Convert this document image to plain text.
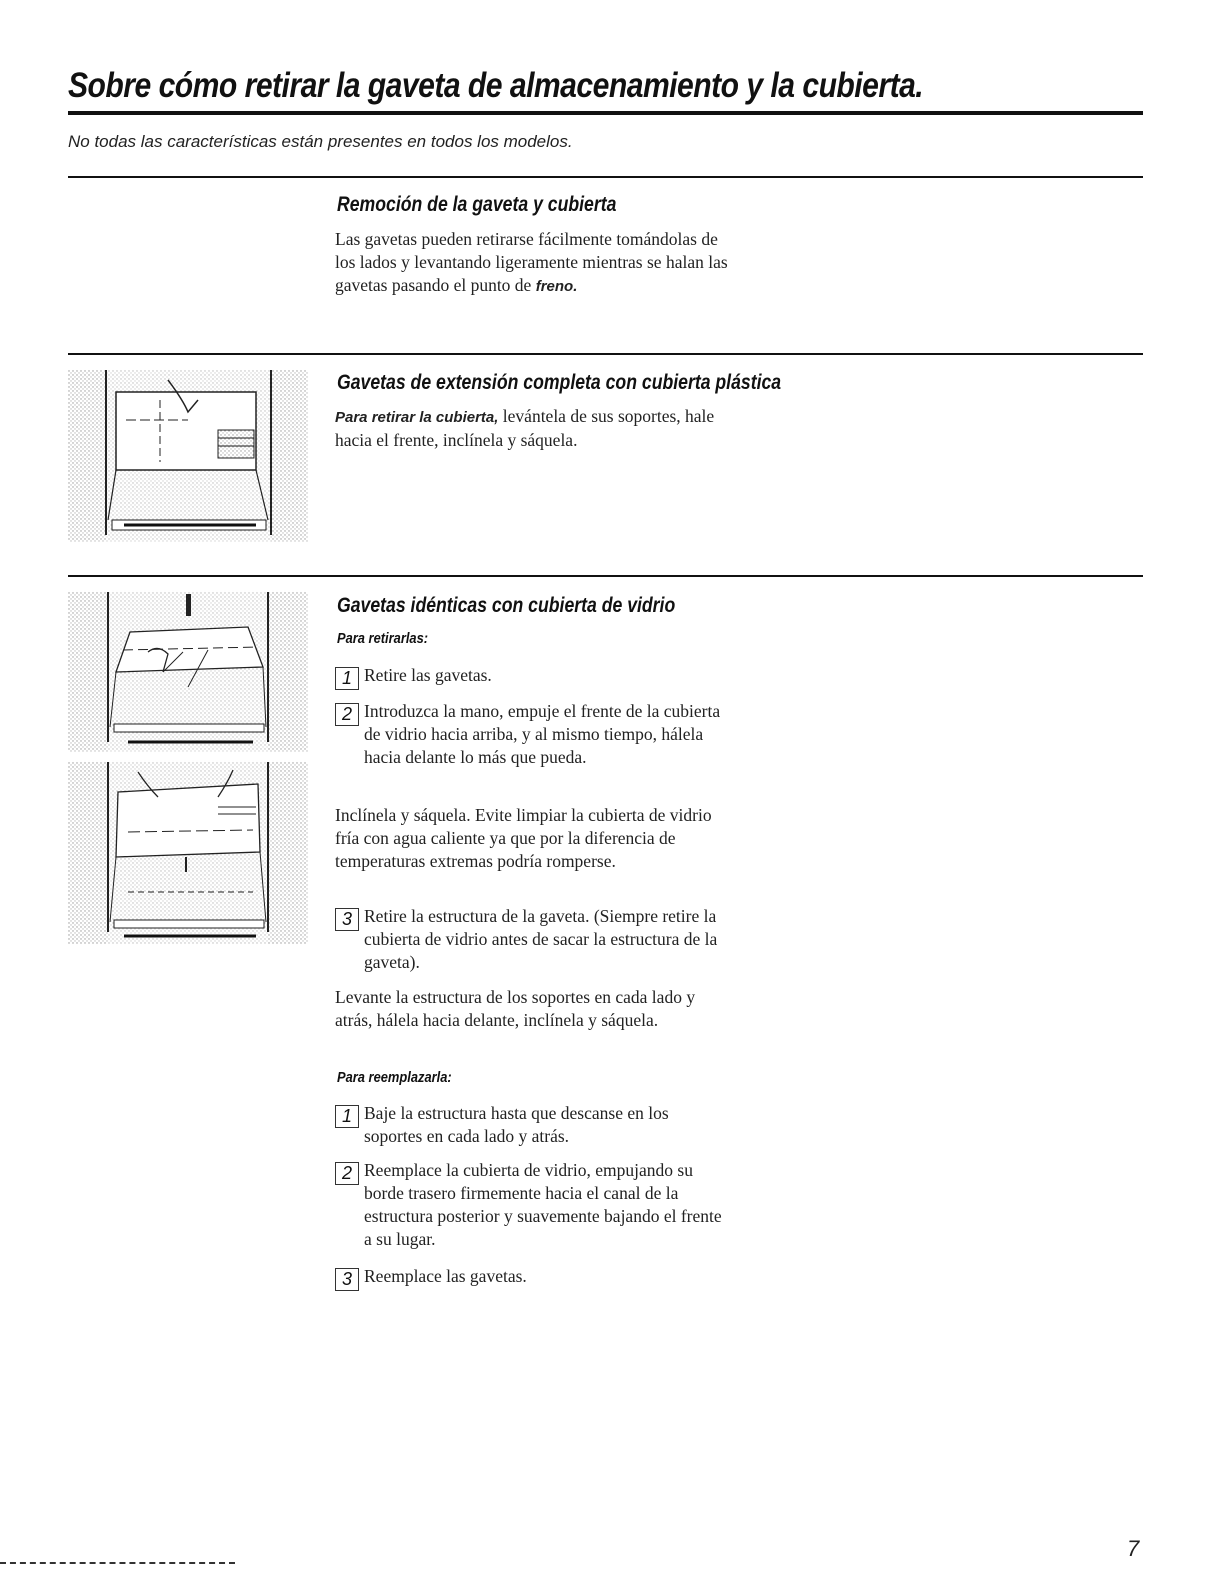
Sobre cómo retirar la gaveta de almacenamiento y la cubierta.
No todas las características están presentes en todos los modelos.
Remoción de la gaveta y cubierta
Las gavetas pueden retirarse fácilmente tomándolas de los lados y levantando ligeramente mientras se halan las gavetas pasando el punto de freno.
Gavetas de extensión completa con cubierta plástica
Para retirar la cubierta, levántela de sus soportes, hale hacia el frente, inclínela y sáquela.
Gavetas idénticas con cubierta de vidrio
Para retirarlas:
1 Retire las gavetas.
2 Introduzca la mano, empuje el frente de la cubierta de vidrio hacia arriba, y al mismo tiempo, hálela hacia delante lo más que pueda.
Inclínela y sáquela. Evite limpiar la cubierta de vidrio fría con agua caliente ya que por la diferencia de temperaturas extremas podría romperse.
3 Retire la estructura de la gaveta. (Siempre retire la cubierta de vidrio antes de sacar la estructura de la gaveta).
Levante la estructura de los soportes en cada lado y atrás, hálela hacia delante, inclínela y sáquela.
Para reemplazarla:
1 Baje la estructura hasta que descanse en los soportes en cada lado y atrás.
2 Reemplace la cubierta de vidrio, empujando su borde trasero firmemente hacia el canal de la estructura posterior y suavemente bajando el frente a su lugar.
3 Reemplace las gavetas.
7
